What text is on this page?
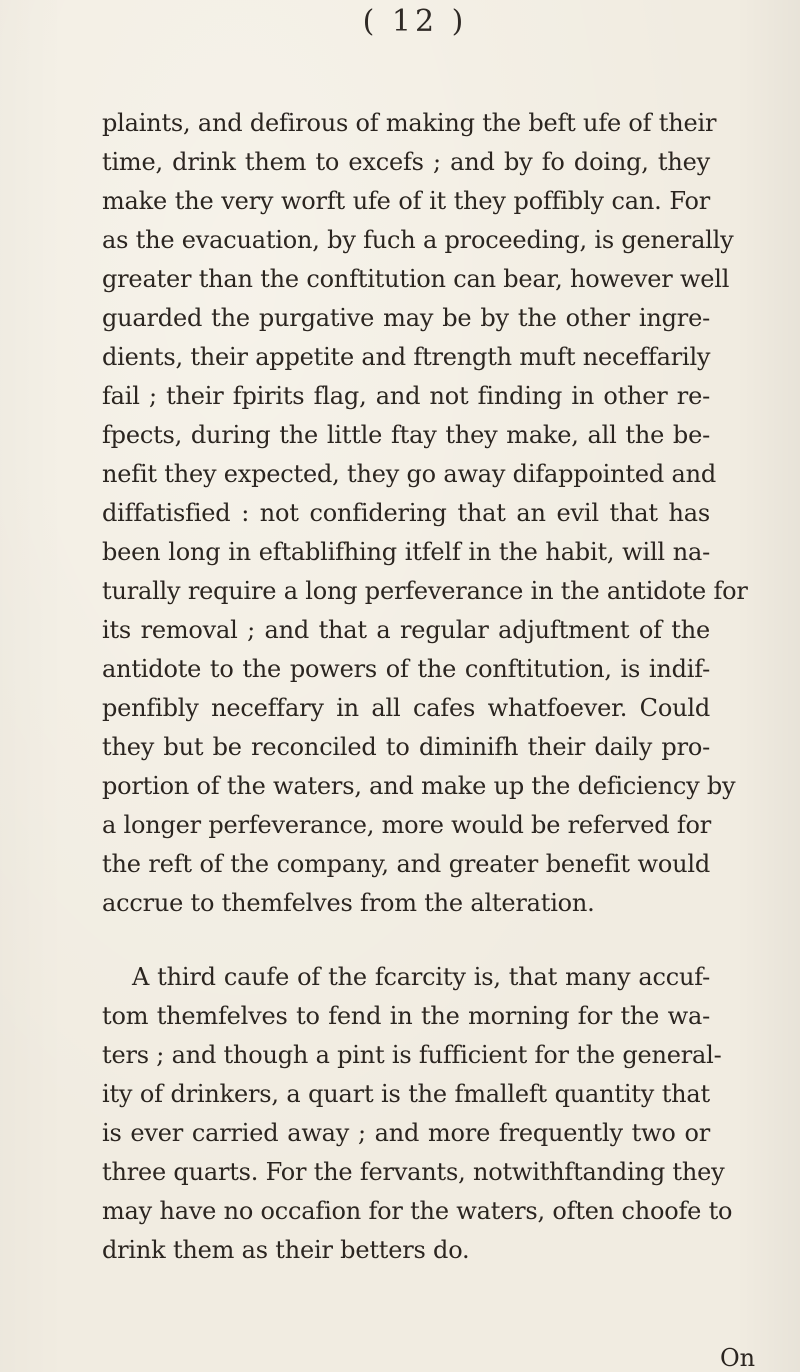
( 12 )
plaints, and defirous of making the beft ufe of their
time, drink them to excefs ; and by fo doing, they
make the very worft ufe of it they poffibly can. For
as the evacuation, by fuch a proceeding, is generally
greater than the conftitution can bear, however well
guarded the purgative may be by the other ingre-
dients, their appetite and ftrength muft neceffarily
fail ; their fpirits flag, and not finding in other re-
fpects, during the little ftay they make, all the be-
nefit they expected, they go away difappointed and
diffatisfied : not confidering that an evil that has
been long in eftablifhing itfelf in the habit, will na-
turally require a long perfeverance in the antidote for
its removal ; and that a regular adjuftment of the
antidote to the powers of the conftitution, is indif-
penfibly neceffary in all cafes whatfoever. Could
they but be reconciled to diminifh their daily pro-
portion of the waters, and make up the deficiency by
a longer perfeverance, more would be referved for
the reft of the company, and greater benefit would
accrue to themfelves from the alteration.
A third caufe of the fcarcity is, that many accuf-
tom themfelves to fend in the morning for the wa-
ters ; and though a pint is fufficient for the general-
ity of drinkers, a quart is the fmalleft quantity that
is ever carried away ; and more frequently two or
three quarts. For the fervants, notwithftanding they
may have no occafion for the waters, often choofe to
drink them as their betters do.
On
